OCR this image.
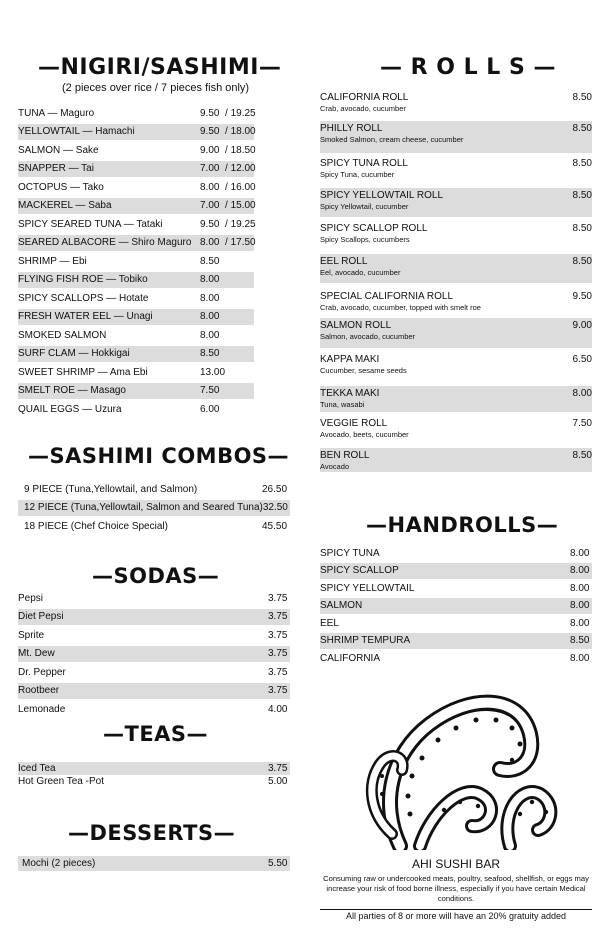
—NIGIRI/SASHIMI—
(2 pieces over rice / 7 pieces fish only)
TUNA — Maguro	9.50  / 19.25
YELLOWTAIL — Hamachi	9.50  / 18.00
SALMON — Sake	9.00  / 18.50
SNAPPER — Tai	7.00  / 12.00
OCTOPUS — Tako	8.00  / 16.00
MACKEREL — Saba	7.00  / 15.00
SPICY SEARED TUNA — Tataki	9.50  / 19.25
SEARED ALBACORE — Shiro Maguro 8.00  / 17.50
SHRIMP — Ebi	8.50
FLYING FISH ROE — Tobiko	8.00
SPICY SCALLOPS — Hotate	8.00
FRESH WATER EEL — Unagi	8.00
SMOKED SALMON	8.00
SURF CLAM — Hokkigai	8.50
SWEET SHRIMP — Ama Ebi	13.00
SMELT ROE — Masago	7.50
QUAIL EGGS — Uzura	6.00
—SASHIMI COMBOS—
9 PIECE (Tuna,Yellowtail, and Salmon)	26.50
12 PIECE (Tuna,Yellowtail, Salmon and Seared Tuna) 32.50
18 PIECE (Chef Choice Special)	45.50
—SODAS—
Pepsi	3.75
Diet Pepsi	3.75
Sprite	3.75
Mt. Dew	3.75
Dr. Pepper	3.75
Rootbeer	3.75
Lemonade	4.00
—TEAS—
Iced Tea	3.75
Hot Green Tea -Pot	5.00
—DESSERTS—
Mochi (2 pieces)	5.50
— R O L L S —
CALIFORNIA ROLL	8.50
Crab, avocado, cucumber
PHILLY ROLL	8.50
Smoked Salmon, cream cheese, cucumber
SPICY TUNA ROLL	8.50
Spicy Tuna, cucumber
SPICY YELLOWTAIL ROLL	8.50
Spicy Yellowtail, cucumber
SPICY SCALLOP ROLL	8.50
Spicy Scallops, cucumbers
EEL ROLL	8.50
Eel, avocado, cucumber
SPECIAL CALIFORNIA ROLL	9.50
Crab, avocado, cucumber, topped with smelt roe
SALMON ROLL	9.00
Salmon, avocado, cucumber
KAPPA MAKI	6.50
Cucumber, sesame seeds
TEKKA MAKI	8.00
Tuna, wasabi
VEGGIE ROLL	7.50
Avocado, beets, cucumber
BEN ROLL	8.50
Avocado
—HANDROLLS—
SPICY TUNA	8.00
SPICY SCALLOP	8.00
SPICY YELLOWTAIL	8.00
SALMON	8.00
EEL	8.00
SHRIMP TEMPURA	8.50
CALIFORNIA	8.00
AHI SUSHI BAR
Consuming raw or undercooked meats, poultry, seafood, shellfish, or eggs may increase your risk of food borne illness, especially if you have certain Medical conditions.
All parties of 8 or more will have an 20% gratuity added
